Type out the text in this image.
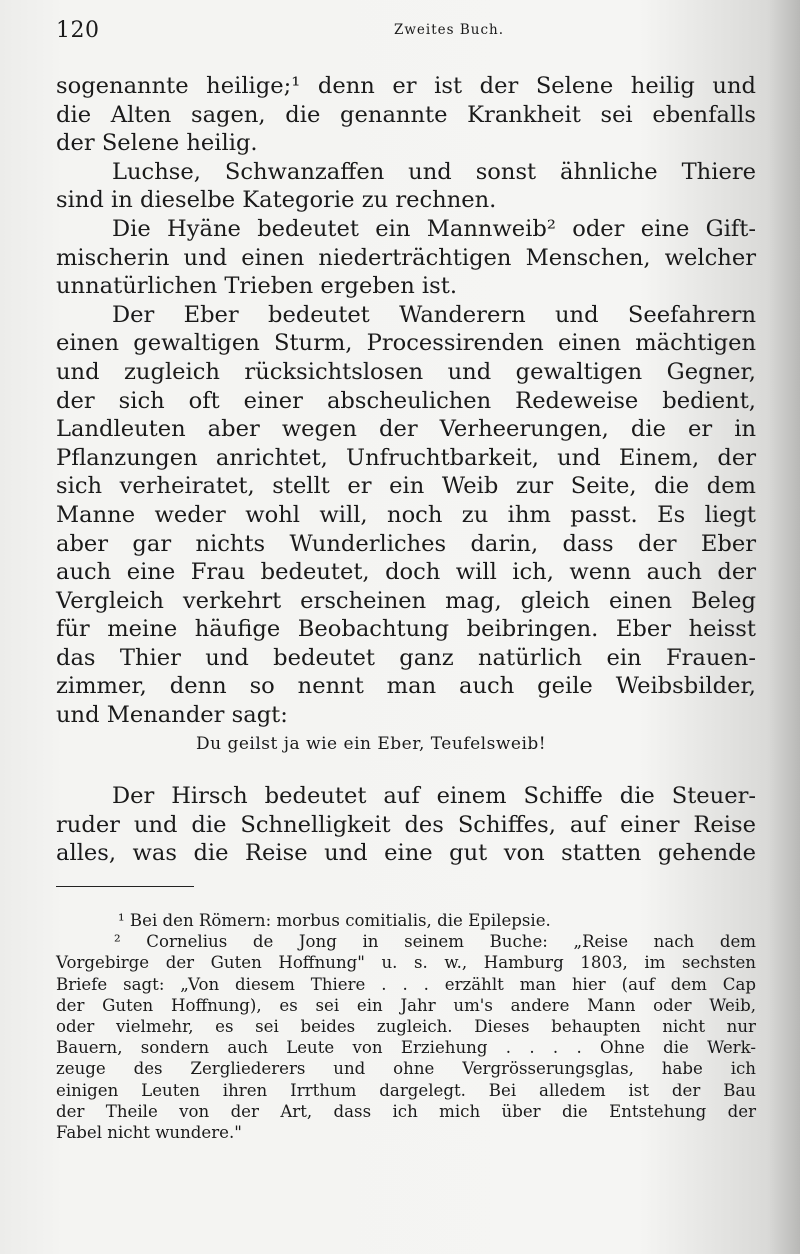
120	Zweites Buch.
sogenannte heilige;¹ denn er ist der Selene heilig und
die Alten sagen, die genannte Krankheit sei ebenfalls
der Selene heilig.
Luchse, Schwanzaffen und sonst ähnliche Thiere
sind in dieselbe Kategorie zu rechnen.
Die Hyäne bedeutet ein Mannweib² oder eine Gift-
mischerin und einen niederträchtigen Menschen, welcher
unnatürlichen Trieben ergeben ist.
Der Eber bedeutet Wanderern und Seefahrern
einen gewaltigen Sturm, Processirenden einen mächtigen
und zugleich rücksichtslosen und gewaltigen Gegner,
der sich oft einer abscheulichen Redeweise bedient,
Landleuten aber wegen der Verheerungen, die er in
Pflanzungen anrichtet, Unfruchtbarkeit, und Einem, der
sich verheiratet, stellt er ein Weib zur Seite, die dem
Manne weder wohl will, noch zu ihm passt. Es liegt
aber gar nichts Wunderliches darin, dass der Eber
auch eine Frau bedeutet, doch will ich, wenn auch der
Vergleich verkehrt erscheinen mag, gleich einen Beleg
für meine häufige Beobachtung beibringen. Eber heisst
das Thier und bedeutet ganz natürlich ein Frauen-
zimmer, denn so nennt man auch geile Weibsbilder,
und Menander sagt:
Du geilst ja wie ein Eber, Teufelsweib!
Der Hirsch bedeutet auf einem Schiffe die Steuer-
ruder und die Schnelligkeit des Schiffes, auf einer Reise
alles, was die Reise und eine gut von statten gehende
¹ Bei den Römern: morbus comitialis, die Epilepsie.
² Cornelius de Jong in seinem Buche: „Reise nach dem
Vorgebirge der Guten Hoffnung" u. s. w., Hamburg 1803, im sechsten
Briefe sagt: „Von diesem Thiere . . . erzählt man hier (auf dem Cap
der Guten Hoffnung), es sei ein Jahr um's andere Mann oder Weib,
oder vielmehr, es sei beides zugleich. Dieses behaupten nicht nur
Bauern, sondern auch Leute von Erziehung . . . . Ohne die Werk-
zeuge des Zergliederers und ohne Vergrösserungsglas, habe ich
einigen Leuten ihren Irrthum dargelegt. Bei alledem ist der Bau
der Theile von der Art, dass ich mich über die Entstehung der
Fabel nicht wundere."
